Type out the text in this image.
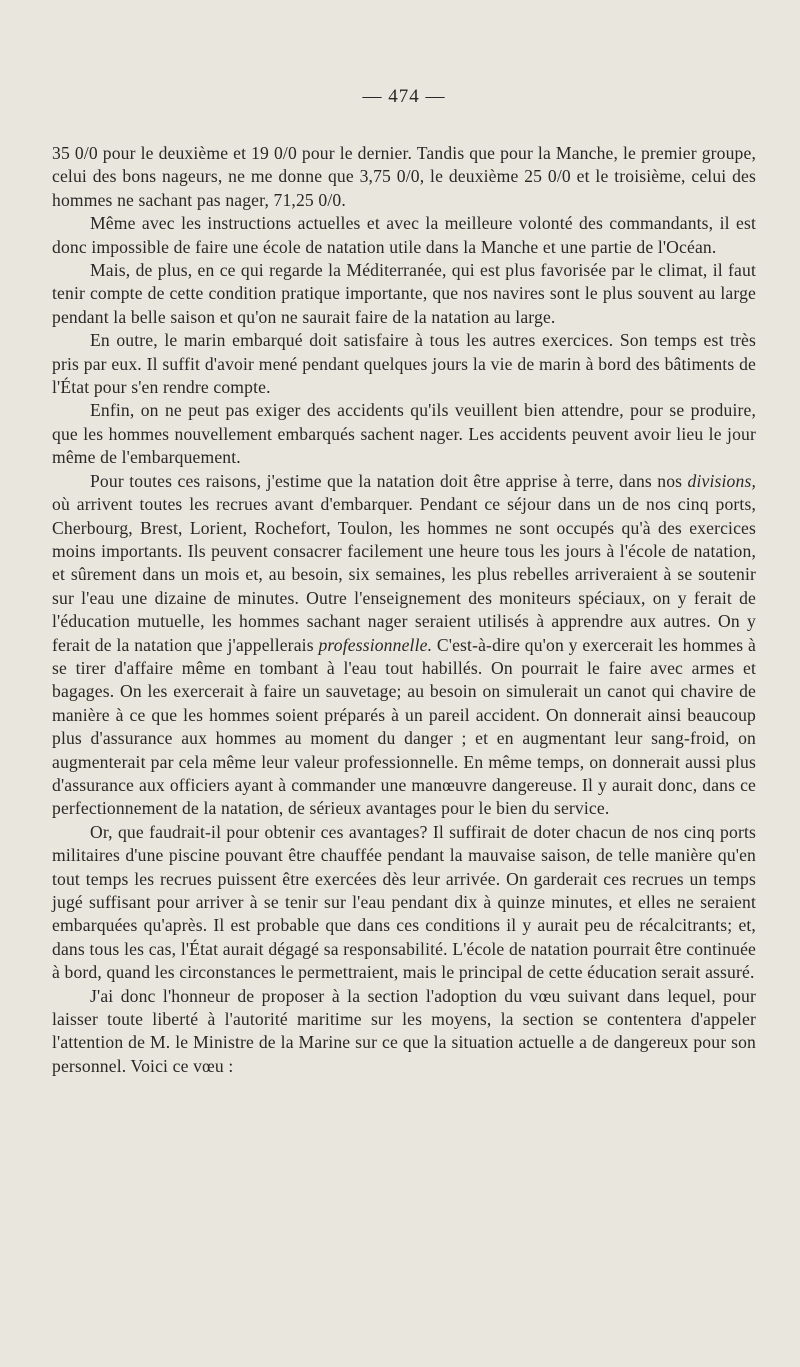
— 474 —

35 0/0 pour le deuxième et 19 0/0 pour le dernier. Tandis que pour la Manche, le premier groupe, celui des bons nageurs, ne me donne que 3,75 0/0, le deuxième 25 0/0 et le troisième, celui des hommes ne sachant pas nager, 71,25 0/0.

Même avec les instructions actuelles et avec la meilleure volonté des commandants, il est donc impossible de faire une école de natation utile dans la Manche et une partie de l'Océan.

Mais, de plus, en ce qui regarde la Méditerranée, qui est plus favorisée par le climat, il faut tenir compte de cette condition pratique importante, que nos navires sont le plus souvent au large pendant la belle saison et qu'on ne saurait faire de la natation au large.

En outre, le marin embarqué doit satisfaire à tous les autres exercices. Son temps est très pris par eux. Il suffit d'avoir mené pendant quelques jours la vie de marin à bord des bâtiments de l'État pour s'en rendre compte.

Enfin, on ne peut pas exiger des accidents qu'ils veuillent bien attendre, pour se produire, que les hommes nouvellement embarqués sachent nager. Les accidents peuvent avoir lieu le jour même de l'embarquement.

Pour toutes ces raisons, j'estime que la natation doit être apprise à terre, dans nos divisions, où arrivent toutes les recrues avant d'embarquer. Pendant ce séjour dans un de nos cinq ports, Cherbourg, Brest, Lorient, Rochefort, Toulon, les hommes ne sont occupés qu'à des exercices moins importants. Ils peuvent consacrer facilement une heure tous les jours à l'école de natation, et sûrement dans un mois et, au besoin, six semaines, les plus rebelles arriveraient à se soutenir sur l'eau une dizaine de minutes. Outre l'enseignement des moniteurs spéciaux, on y ferait de l'éducation mutuelle, les hommes sachant nager seraient utilisés à apprendre aux autres. On y ferait de la natation que j'appellerais professionnelle. C'est-à-dire qu'on y exercerait les hommes à se tirer d'affaire même en tombant à l'eau tout habillés. On pourrait le faire avec armes et bagages. On les exercerait à faire un sauvetage; au besoin on simulerait un canot qui chavire de manière à ce que les hommes soient préparés à un pareil accident. On donnerait ainsi beaucoup plus d'assurance aux hommes au moment du danger ; et en augmentant leur sang-froid, on augmenterait par cela même leur valeur professionnelle. En même temps, on donnerait aussi plus d'assurance aux officiers ayant à commander une manœuvre dangereuse. Il y aurait donc, dans ce perfectionnement de la natation, de sérieux avantages pour le bien du service.

Or, que faudrait-il pour obtenir ces avantages? Il suffirait de doter chacun de nos cinq ports militaires d'une piscine pouvant être chauffée pendant la mauvaise saison, de telle manière qu'en tout temps les recrues puissent être exercées dès leur arrivée. On garderait ces recrues un temps jugé suffisant pour arriver à se tenir sur l'eau pendant dix à quinze minutes, et elles ne seraient embarquées qu'après. Il est probable que dans ces conditions il y aurait peu de récalcitrants; et, dans tous les cas, l'État aurait dégagé sa responsabilité. L'école de natation pourrait être continuée à bord, quand les circonstances le permettraient, mais le principal de cette éducation serait assuré.

J'ai donc l'honneur de proposer à la section l'adoption du vœu suivant dans lequel, pour laisser toute liberté à l'autorité maritime sur les moyens, la section se contentera d'appeler l'attention de M. le Ministre de la Marine sur ce que la situation actuelle a de dangereux pour son personnel. Voici ce vœu :
